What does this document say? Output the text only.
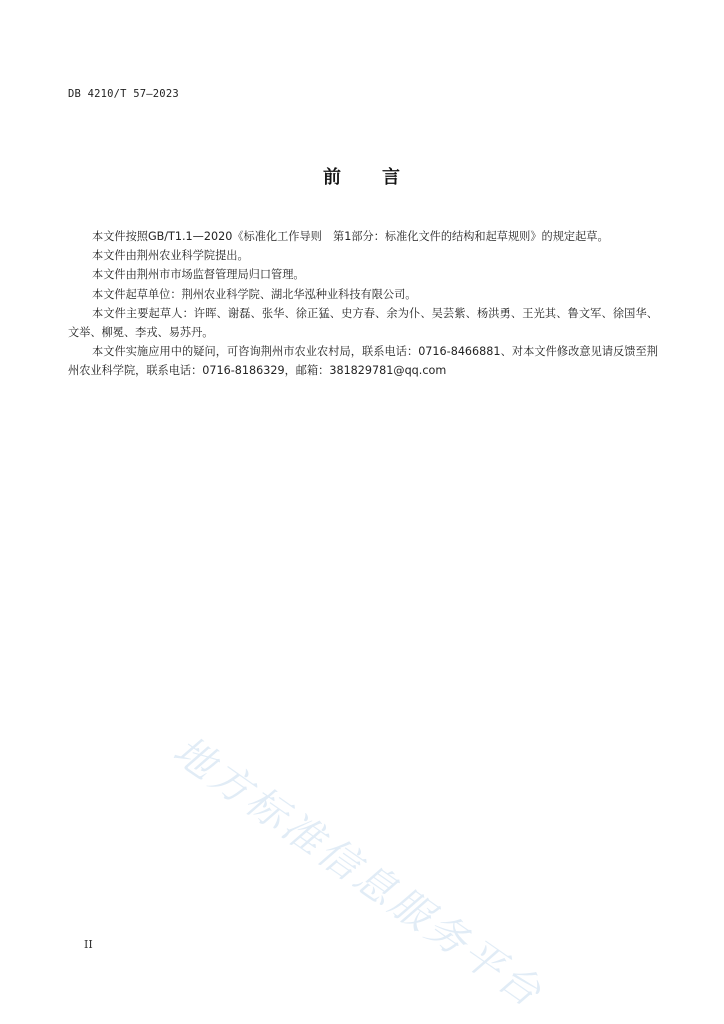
DB 4210/T 57—2023
前 言

本文件按照GB/T1.1—2020《标准化工作导则　第1部分：标准化文件的结构和起草规则》的规定起草。

本文件由荆州农业科学院提出。

本文件由荆州市市场监督管理局归口管理。

本文件起草单位：荆州农业科学院、湖北华泓种业科技有限公司。

本文件主要起草人：许晖、谢磊、张华、徐正猛、史方春、余为仆、吴芸紫、杨洪勇、王光其、鲁文军、徐国华、文举、柳冕、李戎、易苏丹。

本文件实施应用中的疑问，可咨询荆州市农业农村局，联系电话：0716-8466881、对本文件修改意见请反馈至荆州农业科学院，联系电话：0716-8186329，邮箱：381829781@qq.com

地方标准信息服务平台
II
